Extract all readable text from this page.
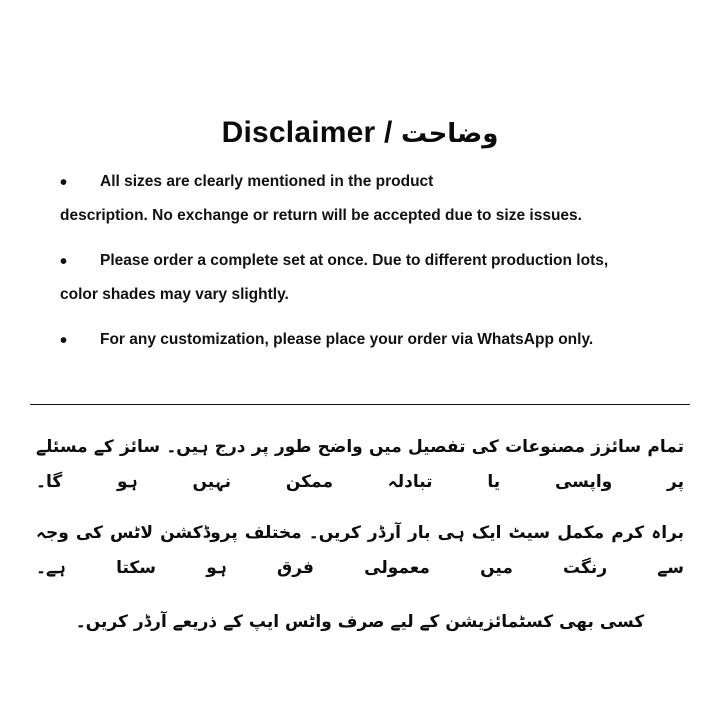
Disclaimer / وضاحت
• All sizes are clearly mentioned in the product
description. No exchange or return will be accepted due to size issues.
• Please order a complete set at once. Due to different production lots,
color shades may vary slightly.
• For any customization, please place your order via WhatsApp only.
تمام سائزز مصنوعات کی تفصیل میں واضح طور پر درج ہیں۔ سائز کے مسئلے پر واپسی یا تبادلہ ممکن نہیں ہو گا۔
براہ کرم مکمل سیٹ ایک ہی بار آرڈر کریں۔ مختلف پروڈکشن لاٹس کی وجہ سے رنگت میں معمولی فرق ہو سکتا ہے۔
کسی بھی کسٹمائزیشن کے لیے صرف واٹس ایپ کے ذریعے آرڈر کریں۔
